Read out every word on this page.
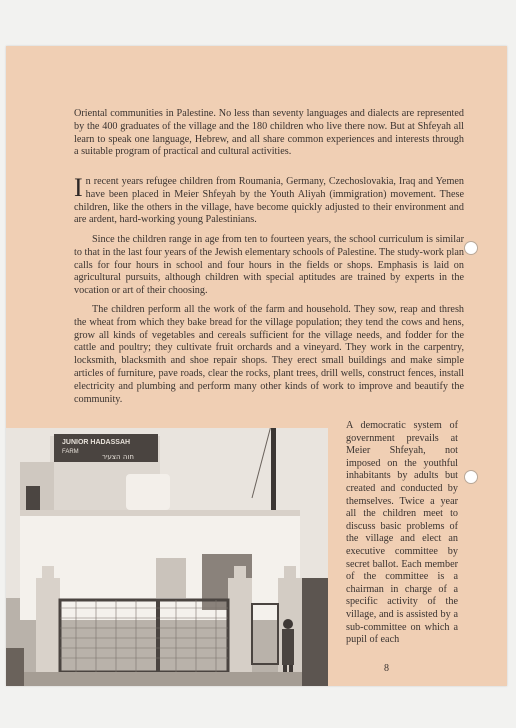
Oriental communities in Palestine. No less than seventy languages and dialects are represented by the 400 graduates of the village and the 180 children who live there now. But at Shfeyah all learn to speak one language, Hebrew, and all share common experiences and interests through a suitable program of practical and cultural activities.

In recent years refugee children from Roumania, Germany, Czechoslovakia, Iraq and Yemen have been placed in Meier Shfeyah by the Youth Aliyah (immigration) movement. These children, like the others in the village, have become quickly adjusted to their environment and are ardent, hard-working young Palestinians.

Since the children range in age from ten to fourteen years, the school curriculum is similar to that in the last four years of the Jewish elementary schools of Palestine. The study-work plan calls for four hours in school and four hours in the fields or shops. Emphasis is laid on agricultural pursuits, although children with special aptitudes are trained by experts in the vocation or art of their choosing.

The children perform all the work of the farm and household. They sow, reap and thresh the wheat from which they bake bread for the village population; they tend the cows and hens, grow all kinds of vegetables and cereals sufficient for the village needs, and fodder for the cattle and poultry; they cultivate fruit orchards and a vineyard. They work in the carpentry, locksmith, blacksmith and shoe repair shops. They erect small buildings and make simple articles of furniture, pave roads, clear the rocks, plant trees, drill wells, construct fences, install electricity and plumbing and perform many other kinds of work to improve and beautify the community.

JUNIOR HADASSAH
FARM
חוה הצעיר

A democratic system of government prevails at Meier Shfeyah, not imposed on the youthful inhabitants by adults but created and conducted by themselves. Twice a year all the children meet to discuss basic problems of the village and elect an executive committee by secret ballot. Each member of the committee is a chairman in charge of a specific activity of the village, and is assisted by a sub-committee on which a pupil of each

8
